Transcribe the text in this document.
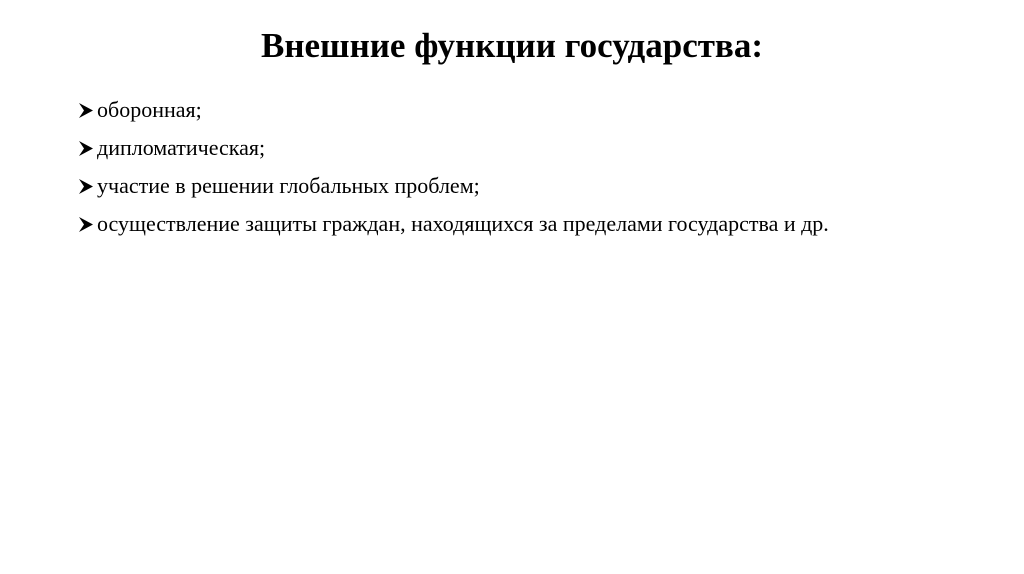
Внешние функции государства:
оборонная;
дипломатическая;
участие в решении глобальных проблем;
осуществление защиты граждан, находящихся за пределами государства и др.
